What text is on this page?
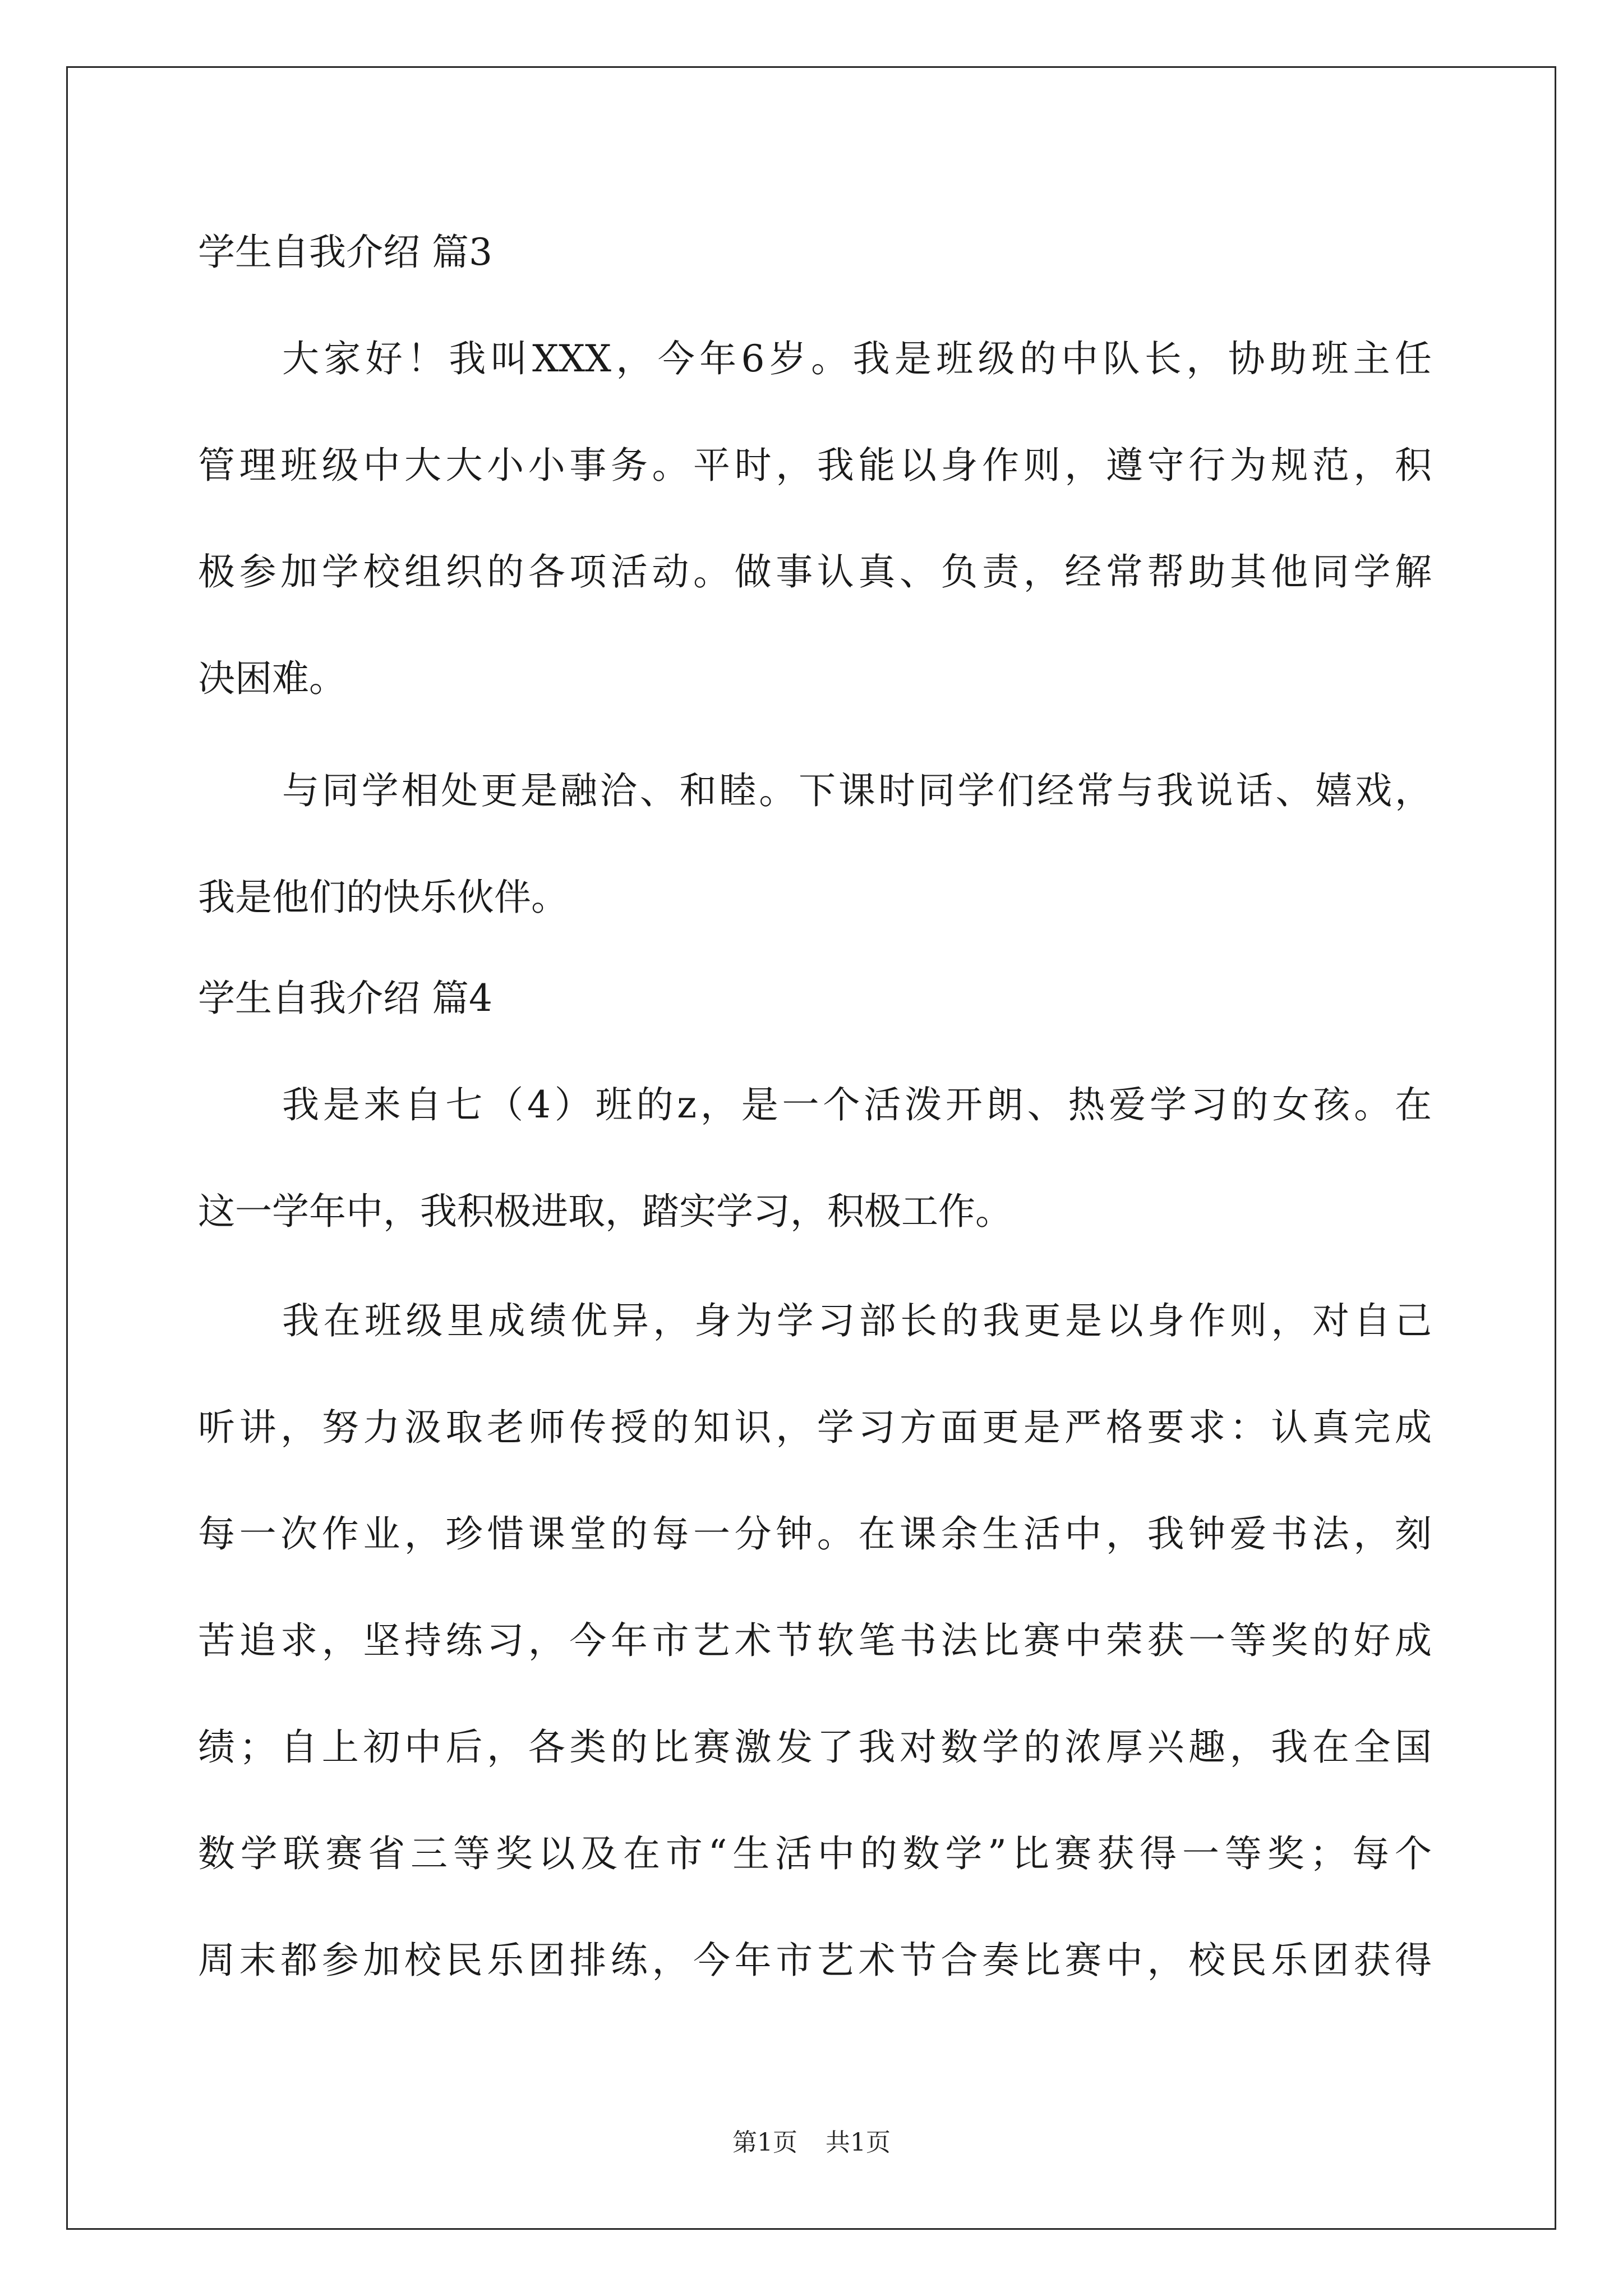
学生自我介绍 篇3
大家好！我叫XXX，今年6岁。我是班级的中队长，协助班主任
管理班级中大大小小事务。平时，我能以身作则，遵守行为规范，积
极参加学校组织的各项活动。做事认真、负责，经常帮助其他同学解
决困难。
与同学相处更是融洽、和睦。下课时同学们经常与我说话、嬉戏，
我是他们的快乐伙伴。
学生自我介绍 篇4
我是来自七（4）班的z，是一个活泼开朗、热爱学习的女孩。在
这一学年中，我积极进取，踏实学习，积极工作。
我在班级里成绩优异，身为学习部长的我更是以身作则，对自己
听讲，努力汲取老师传授的知识，学习方面更是严格要求：认真完成
每一次作业，珍惜课堂的每一分钟。在课余生活中，我钟爱书法，刻
苦追求，坚持练习，今年市艺术节软笔书法比赛中荣获一等奖的好成
绩；自上初中后，各类的比赛激发了我对数学的浓厚兴趣，我在全国
数学联赛省三等奖以及在市“生活中的数学”比赛获得一等奖；每个
周末都参加校民乐团排练，今年市艺术节合奏比赛中，校民乐团获得
第1页 共1页
